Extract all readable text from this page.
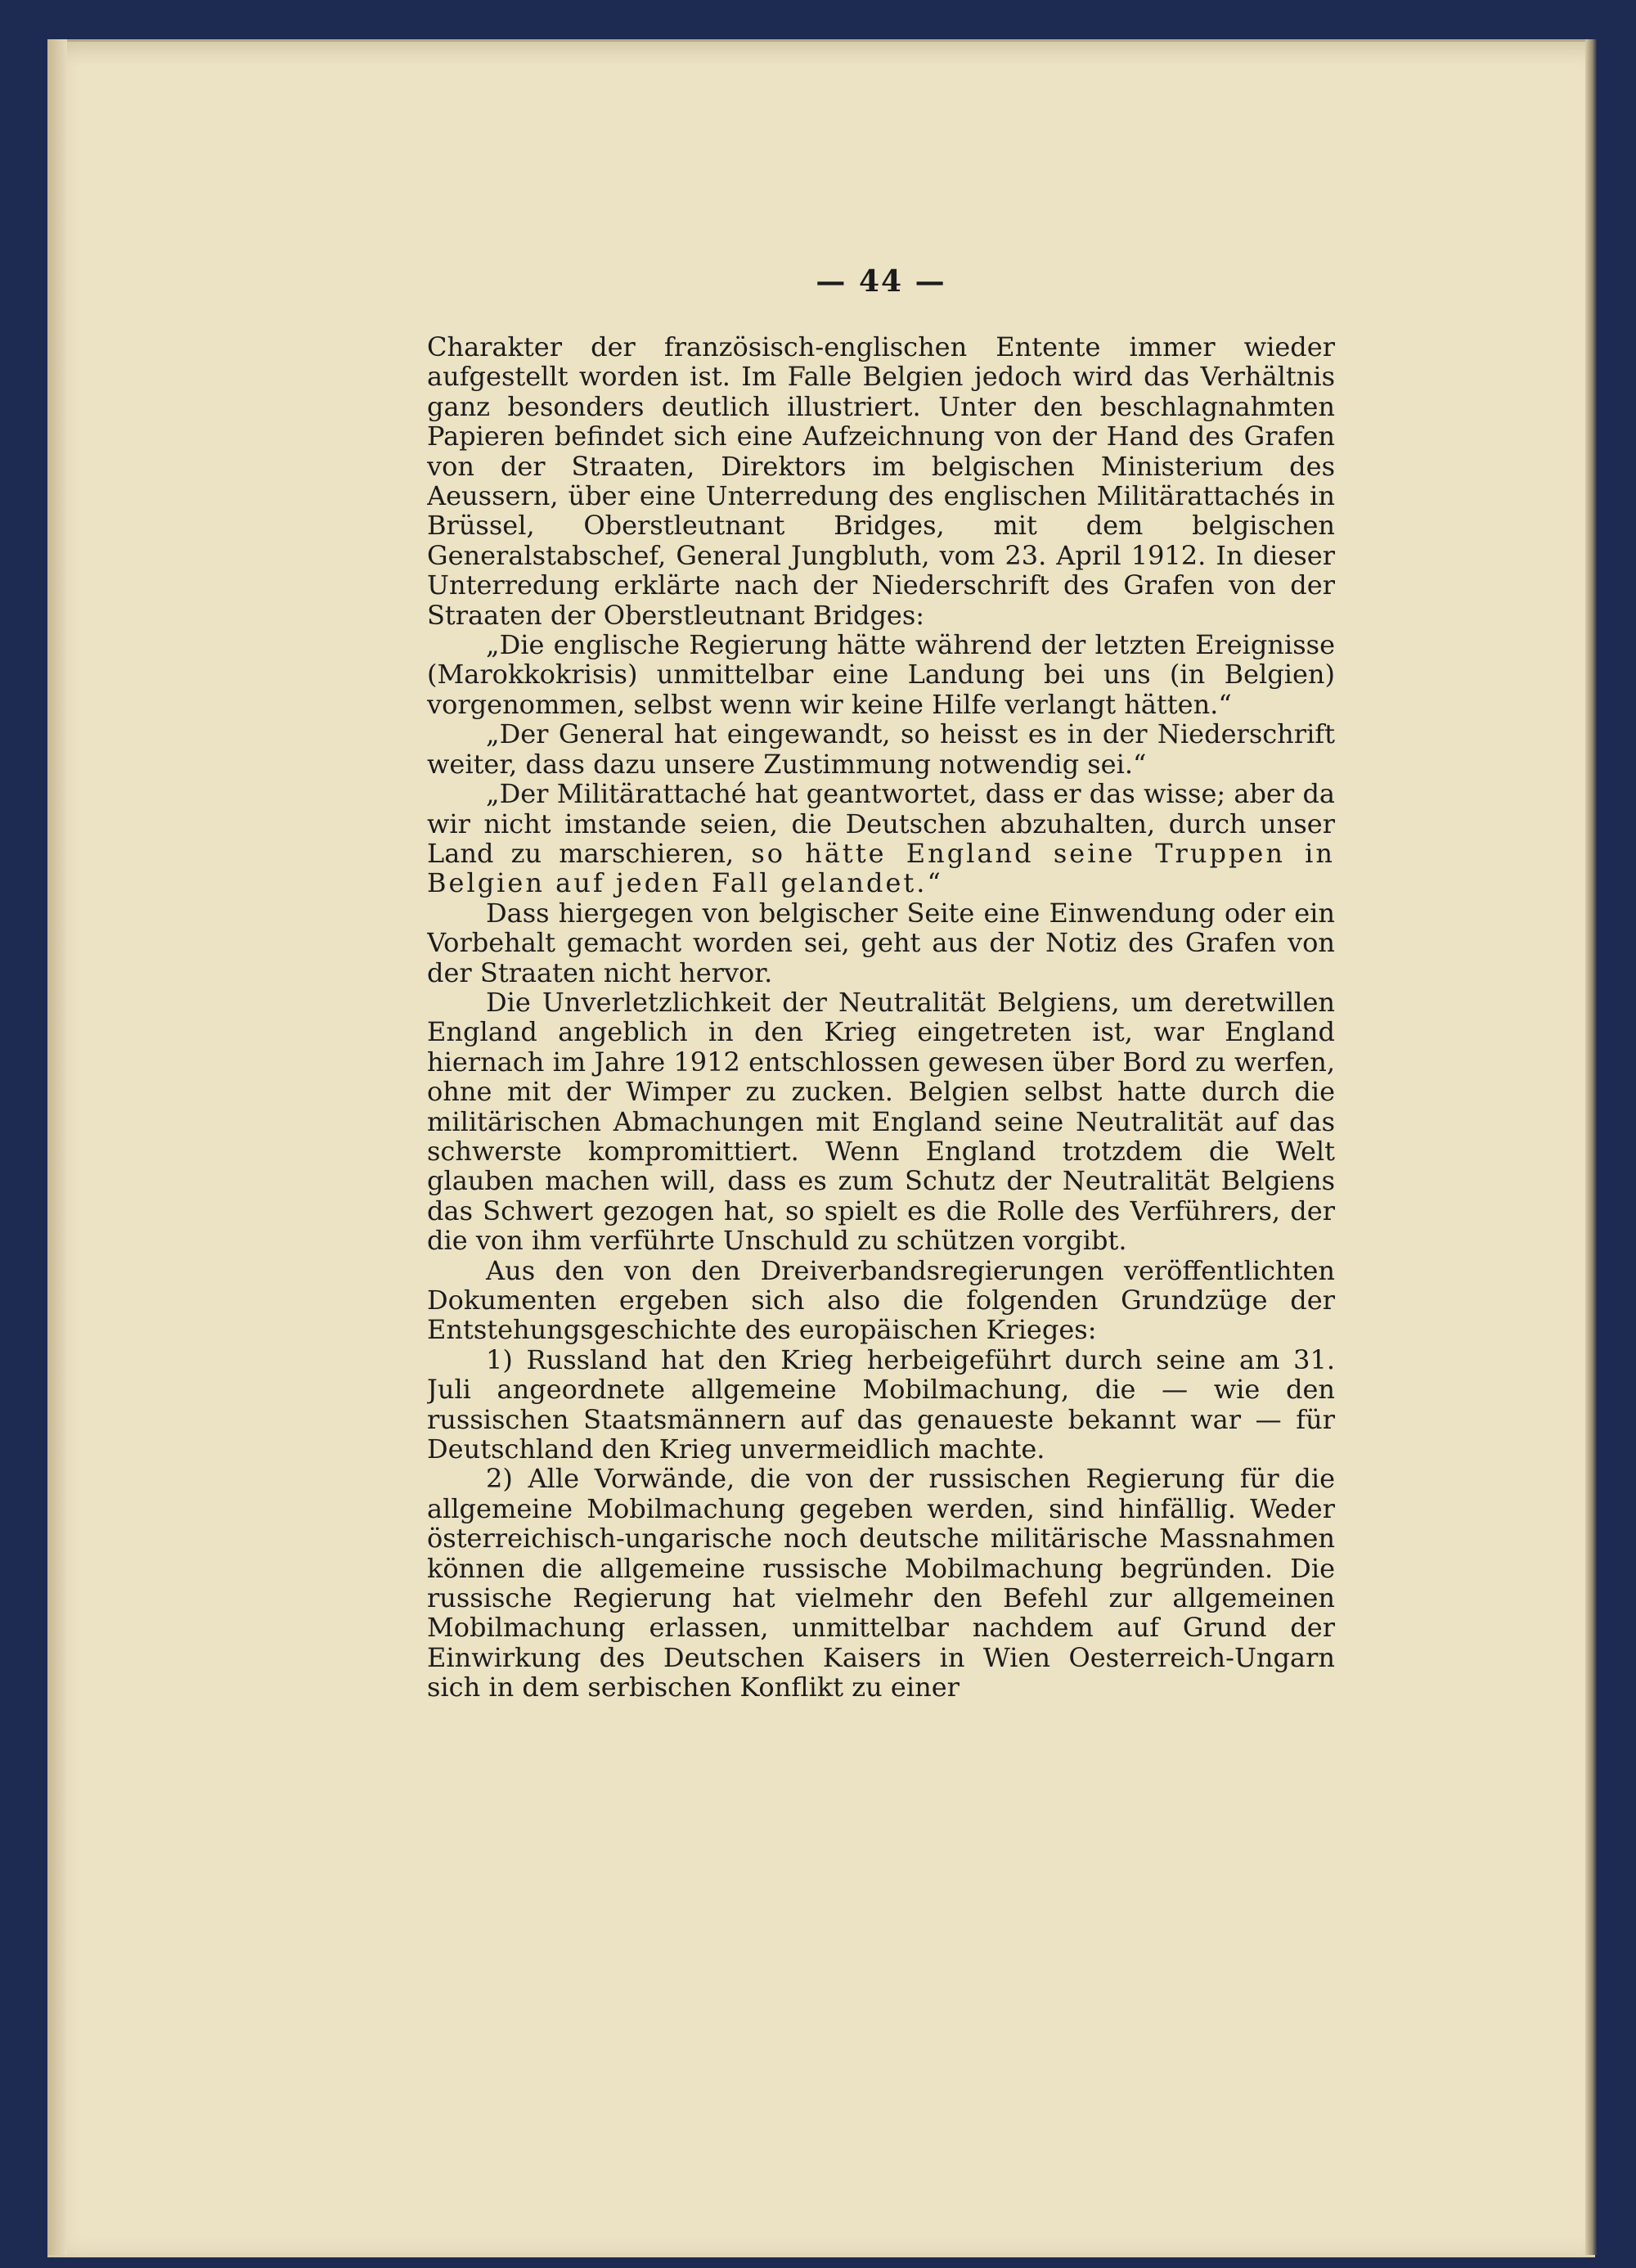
— 44 —

Charakter der französisch-englischen Entente immer wieder aufgestellt worden ist. Im Falle Belgien jedoch wird das Verhältnis ganz besonders deutlich illustriert. Unter den beschlagnahmten Papieren befindet sich eine Aufzeichnung von der Hand des Grafen von der Straaten, Direktors im belgischen Ministerium des Aeussern, über eine Unterredung des englischen Militärattachés in Brüssel, Oberstleutnant Bridges, mit dem belgischen Generalstabschef, General Jungbluth, vom 23. April 1912. In dieser Unterredung erklärte nach der Niederschrift des Grafen von der Straaten der Oberstleutnant Bridges:

„Die englische Regierung hätte während der letzten Ereignisse (Marokkokrisis) unmittelbar eine Landung bei uns (in Belgien) vorgenommen, selbst wenn wir keine Hilfe verlangt hätten.“

„Der General hat eingewandt, so heisst es in der Niederschrift weiter, dass dazu unsere Zustimmung notwendig sei.“

„Der Militärattaché hat geantwortet, dass er das wisse; aber da wir nicht imstande seien, die Deutschen abzuhalten, durch unser Land zu marschieren, so hätte England seine Truppen in Belgien auf jeden Fall gelandet.“

Dass hiergegen von belgischer Seite eine Einwendung oder ein Vorbehalt gemacht worden sei, geht aus der Notiz des Grafen von der Straaten nicht hervor.

Die Unverletzlichkeit der Neutralität Belgiens, um deretwillen England angeblich in den Krieg eingetreten ist, war England hiernach im Jahre 1912 entschlossen gewesen über Bord zu werfen, ohne mit der Wimper zu zucken. Belgien selbst hatte durch die militärischen Abmachungen mit England seine Neutralität auf das schwerste kompromittiert. Wenn England trotzdem die Welt glauben machen will, dass es zum Schutz der Neutralität Belgiens das Schwert gezogen hat, so spielt es die Rolle des Verführers, der die von ihm verführte Unschuld zu schützen vorgibt.

Aus den von den Dreiverbandsregierungen veröffentlichten Dokumenten ergeben sich also die folgenden Grundzüge der Entstehungsgeschichte des europäischen Krieges:

1) Russland hat den Krieg herbeigeführt durch seine am 31. Juli angeordnete allgemeine Mobilmachung, die — wie den russischen Staatsmännern auf das genaueste bekannt war — für Deutschland den Krieg unvermeidlich machte.

2) Alle Vorwände, die von der russischen Regierung für die allgemeine Mobilmachung gegeben werden, sind hinfällig. Weder österreichisch-ungarische noch deutsche militärische Massnahmen können die allgemeine russische Mobilmachung begründen. Die russische Regierung hat vielmehr den Befehl zur allgemeinen Mobilmachung erlassen, unmittelbar nachdem auf Grund der Einwirkung des Deutschen Kaisers in Wien Oesterreich-Ungarn sich in dem serbischen Konflikt zu einer
